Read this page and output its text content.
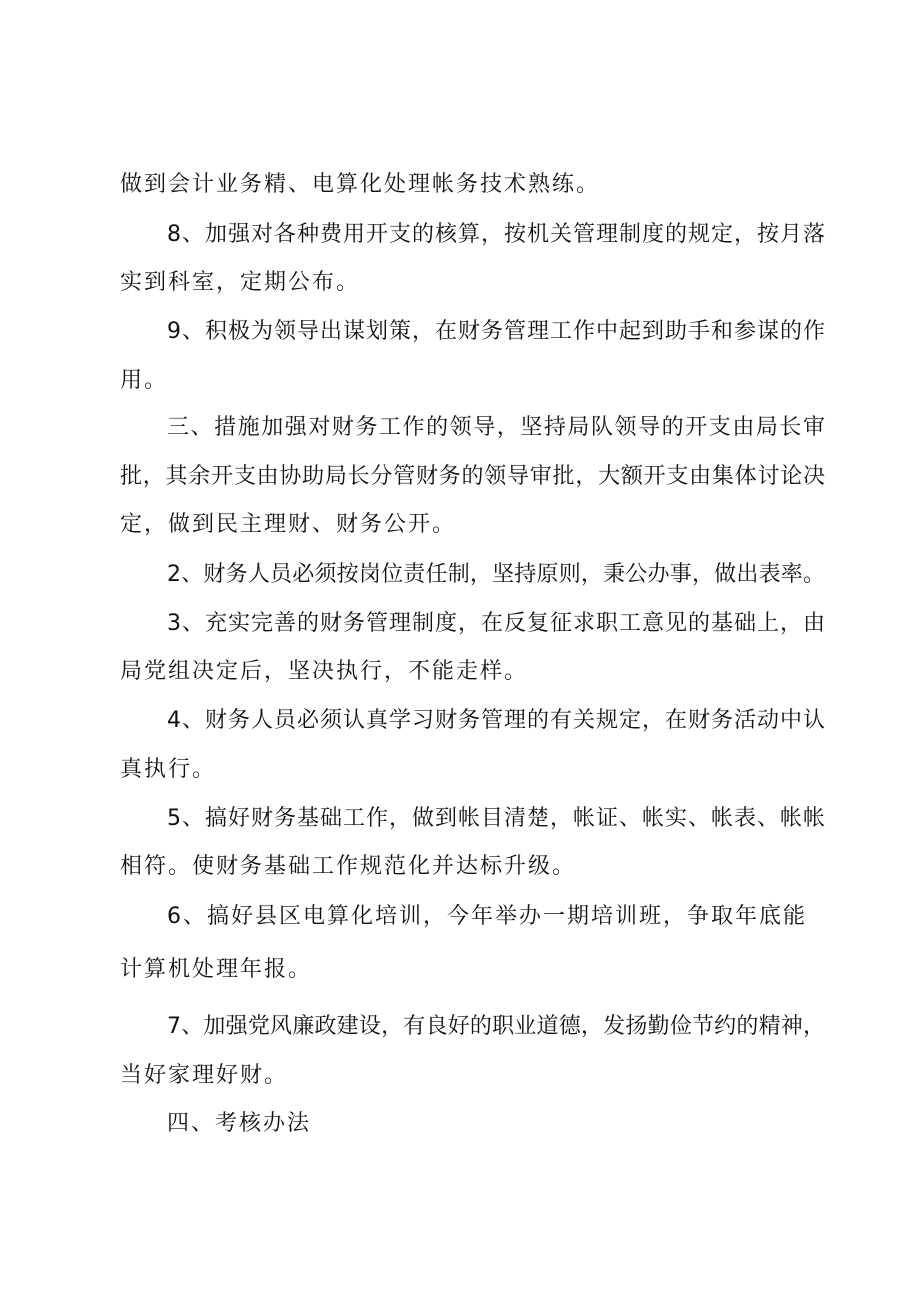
做到会计业务精、电算化处理帐务技术熟练。
8、加强对各种费用开支的核算，按机关管理制度的规定，按月落
实到科室，定期公布。
9、积极为领导出谋划策，在财务管理工作中起到助手和参谋的作
用。
三、措施加强对财务工作的领导，坚持局队领导的开支由局长审
批，其余开支由协助局长分管财务的领导审批，大额开支由集体讨论决
定，做到民主理财、财务公开。
2、财务人员必须按岗位责任制，坚持原则，秉公办事，做出表率。
3、充实完善的财务管理制度，在反复征求职工意见的基础上，由
局党组决定后，坚决执行，不能走样。
4、财务人员必须认真学习财务管理的有关规定，在财务活动中认
真执行。
5、搞好财务基础工作，做到帐目清楚，帐证、帐实、帐表、帐帐
相符。使财务基础工作规范化并达标升级。
6、搞好县区电算化培训，今年举办一期培训班，争取年底能
计算机处理年报。
7、加强党风廉政建设，有良好的职业道德，发扬勤俭节约的精神，
当好家理好财。
四、考核办法
